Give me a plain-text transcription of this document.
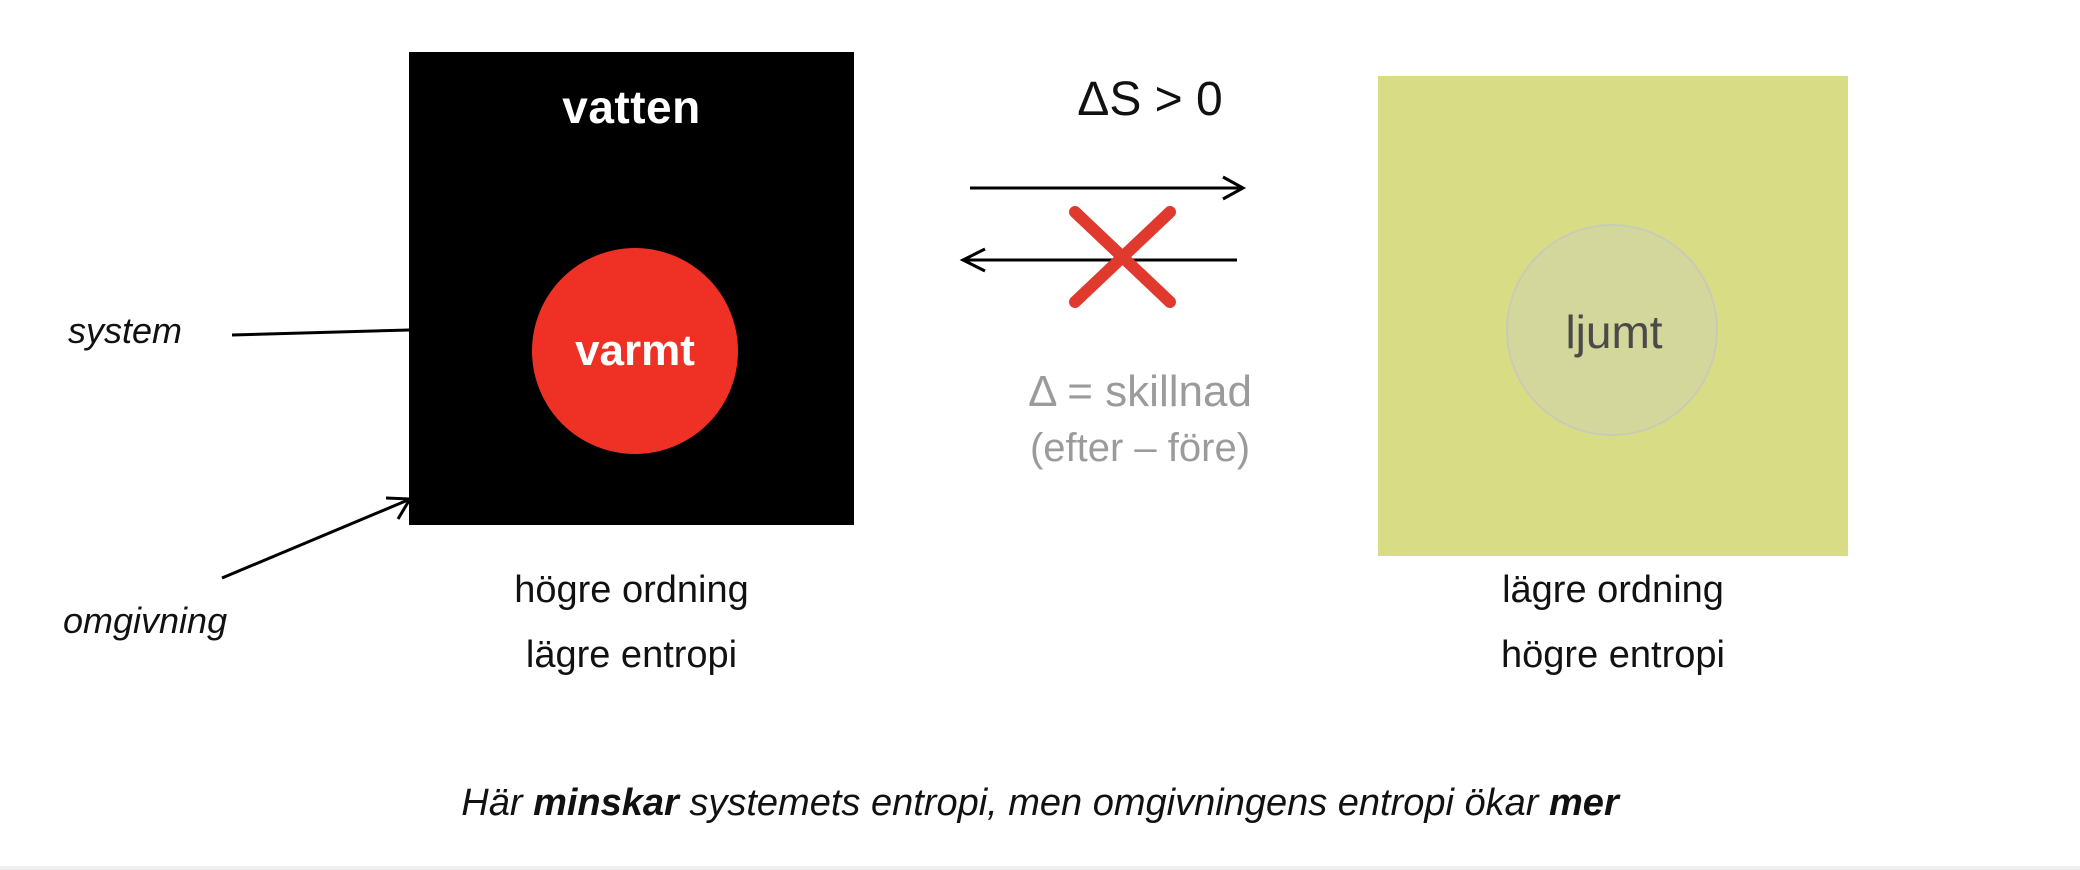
vatten
varmt
högre ordning
lägre entropi
ljumt
lägre ordning
högre entropi
ΔS > 0
Δ = skillnad
(efter – före)
system
omgivning
Här minskar systemets entropi, men omgivningens entropi ökar mer
